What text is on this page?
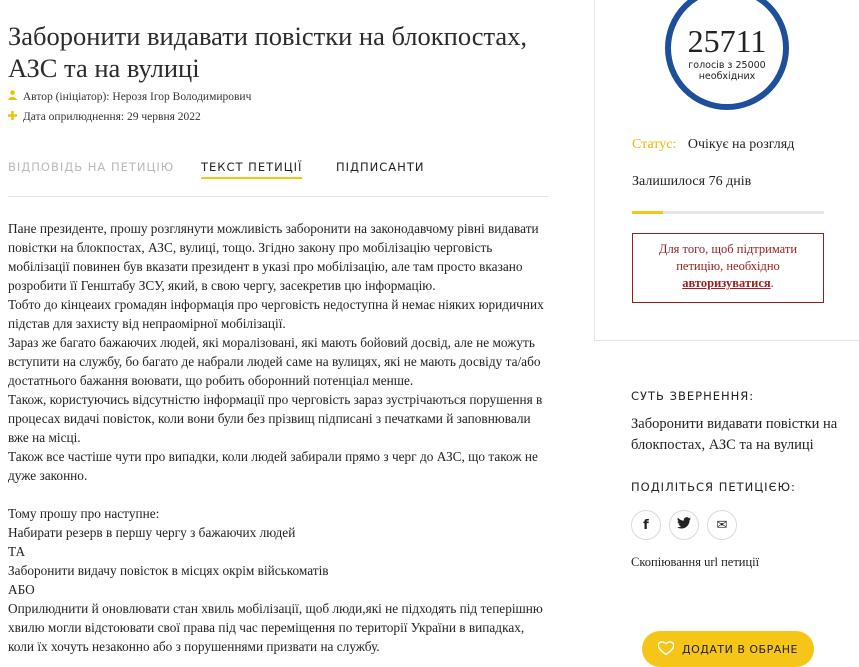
Заборонити видавати повістки на блокпостах, АЗС та на вулиці
Автор (ініціатор): Нерозя Ігор Володимирович
Дата оприлюднення: 29 червня 2022
ВІДПОВІДЬ НА ПЕТИЦІЮ ТЕКСТ ПЕТИЦІЇ	ПІДПИСАНТИ

Пане президенте, прошу розглянути можливість заборонити на законодавчому рівні видавати повістки на блокпостах, АЗС, вулиці, тощо. Згідно закону про мобілізацію черговість мобілізації повинен був вказати президент в указі про мобілізацію, але там просто вказано розробити її Генштабу ЗСУ, який, в свою чергу, засекретив цю інформацію.
Тобто до кінцеаих громадян інформація про черговість недоступна й немає ніяких юридичних підстав для захисту від непраомірної мобілізації.
Зараз же багато бажаючих людей, які моралізовані, які мають бойовий досвід, але не можуть вступити на службу, бо багато де набрали людей саме на вулицях, які не мають досвіду та/або достатнього бажання воювати, що робить оборонний потенціал менше.
Також, користуючись відсутністю інформації про черговість зараз зустрічаються порушення в процесах видачі повісток, коли вони були без прізвищ підписані з печатками й заповнювали вже на місці.
Також все частіше чути про випадки, коли людей забирали прямо з черг до АЗС, що також не дуже законно.

Тому прошу про наступне:
Набирати резерв в першу чергу з бажаючих людей
ТА
Заборонити видачу повісток в місцях окрім військоматів
АБО
Оприлюднити й оновлювати стан хвиль мобілізації, щоб люди,які не підходять під теперішню хвилю могли відстоювати свої права під час переміщення по території України в випадках, коли їх хочуть незаконно або з порушеннями призвати на службу.

25711
голосів з 25000
необхідних
Статус: Очікує на розгляд
Залишилося 76 днів
Для того, щоб підтримати
петицію, необхідно
авторизуватися.
СУТЬ ЗВЕРНЕННЯ:
Заборонити видавати повістки на блокпостах, АЗС та на вулиці
ПОДІЛІТЬСЯ ПЕТИЦІЄЮ:
f	✉
Скопіювання url петиції
ДОДАТИ В ОБРАНЕ
